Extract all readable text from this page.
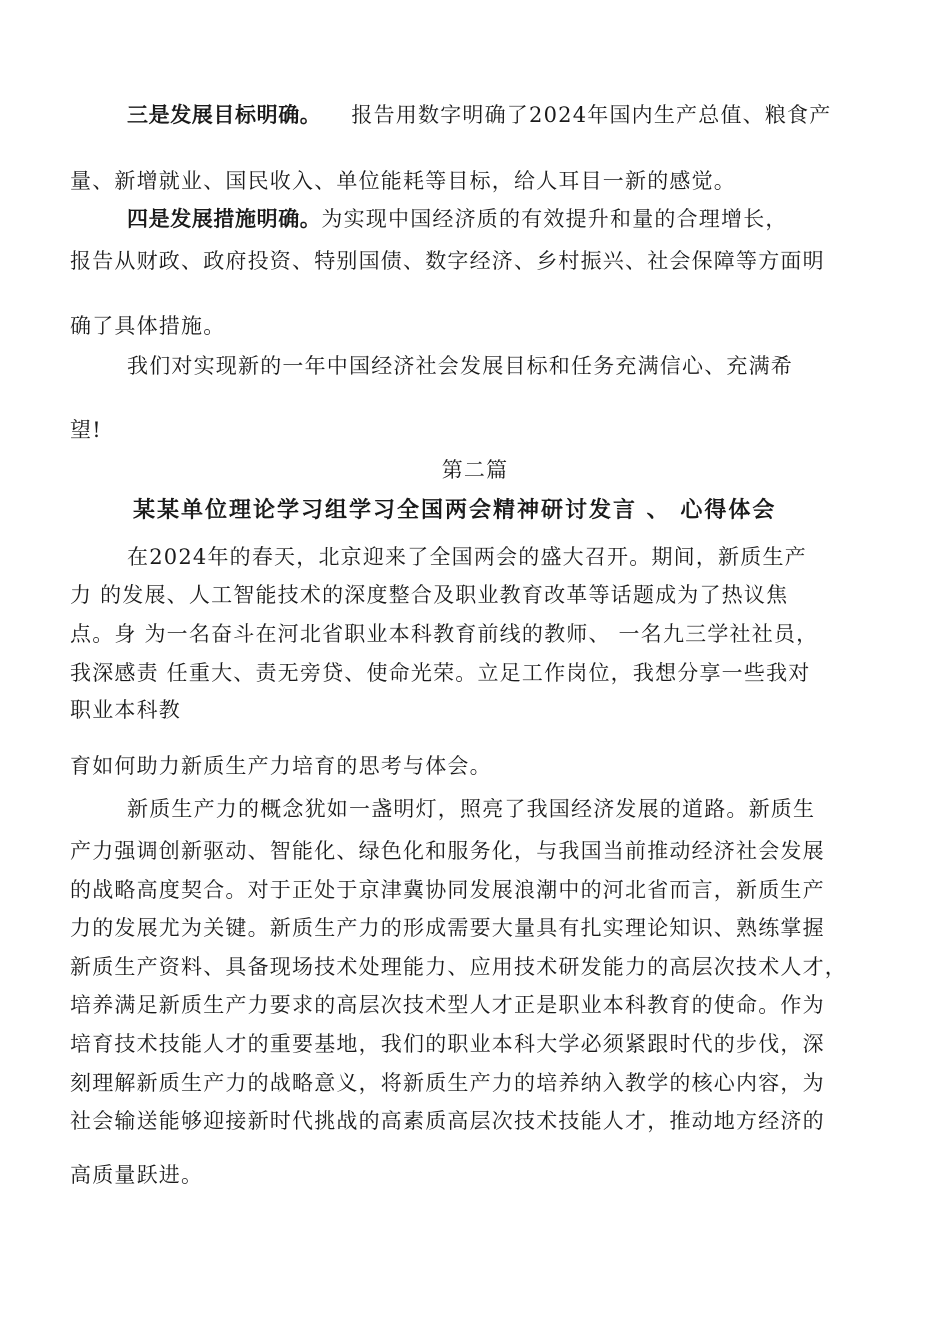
三是发展目标明确。 报告用数字明确了2024年国内生产总值、粮食产
量、新增就业、国民收入、单位能耗等目标，给人耳目一新的感觉。
四是发展措施明确。为实现中国经济质的有效提升和量的合理增长，
报告从财政、政府投资、特别国债、数字经济、乡村振兴、社会保障等方面明
确了具体措施。
我们对实现新的一年中国经济社会发展目标和任务充满信心、充满希
望!
第二篇
某某单位理论学习组学习全国两会精神研讨发言 、 心得体会
在2024年的春天，北京迎来了全国两会的盛大召开。期间，新质生产
力 的发展、人工智能技术的深度整合及职业教育改革等话题成为了热议焦
点。身 为一名奋斗在河北省职业本科教育前线的教师、 一名九三学社社员，
我深感责 任重大、责无旁贷、使命光荣。立足工作岗位，我想分享一些我对
职业本科教
育如何助力新质生产力培育的思考与体会。
新质生产力的概念犹如一盏明灯，照亮了我国经济发展的道路。新质生
产力强调创新驱动、智能化、绿色化和服务化，与我国当前推动经济社会发展
的战略高度契合。对于正处于京津冀协同发展浪潮中的河北省而言，新质生产
力的发展尤为关键。新质生产力的形成需要大量具有扎实理论知识、熟练掌握
新质生产资料、具备现场技术处理能力、应用技术研发能力的高层次技术人才，
培养满足新质生产力要求的高层次技术型人才正是职业本科教育的使命。作为
培育技术技能人才的重要基地，我们的职业本科大学必须紧跟时代的步伐，深
刻理解新质生产力的战略意义，将新质生产力的培养纳入教学的核心内容，为
社会输送能够迎接新时代挑战的高素质高层次技术技能人才，推动地方经济的
高质量跃进。
